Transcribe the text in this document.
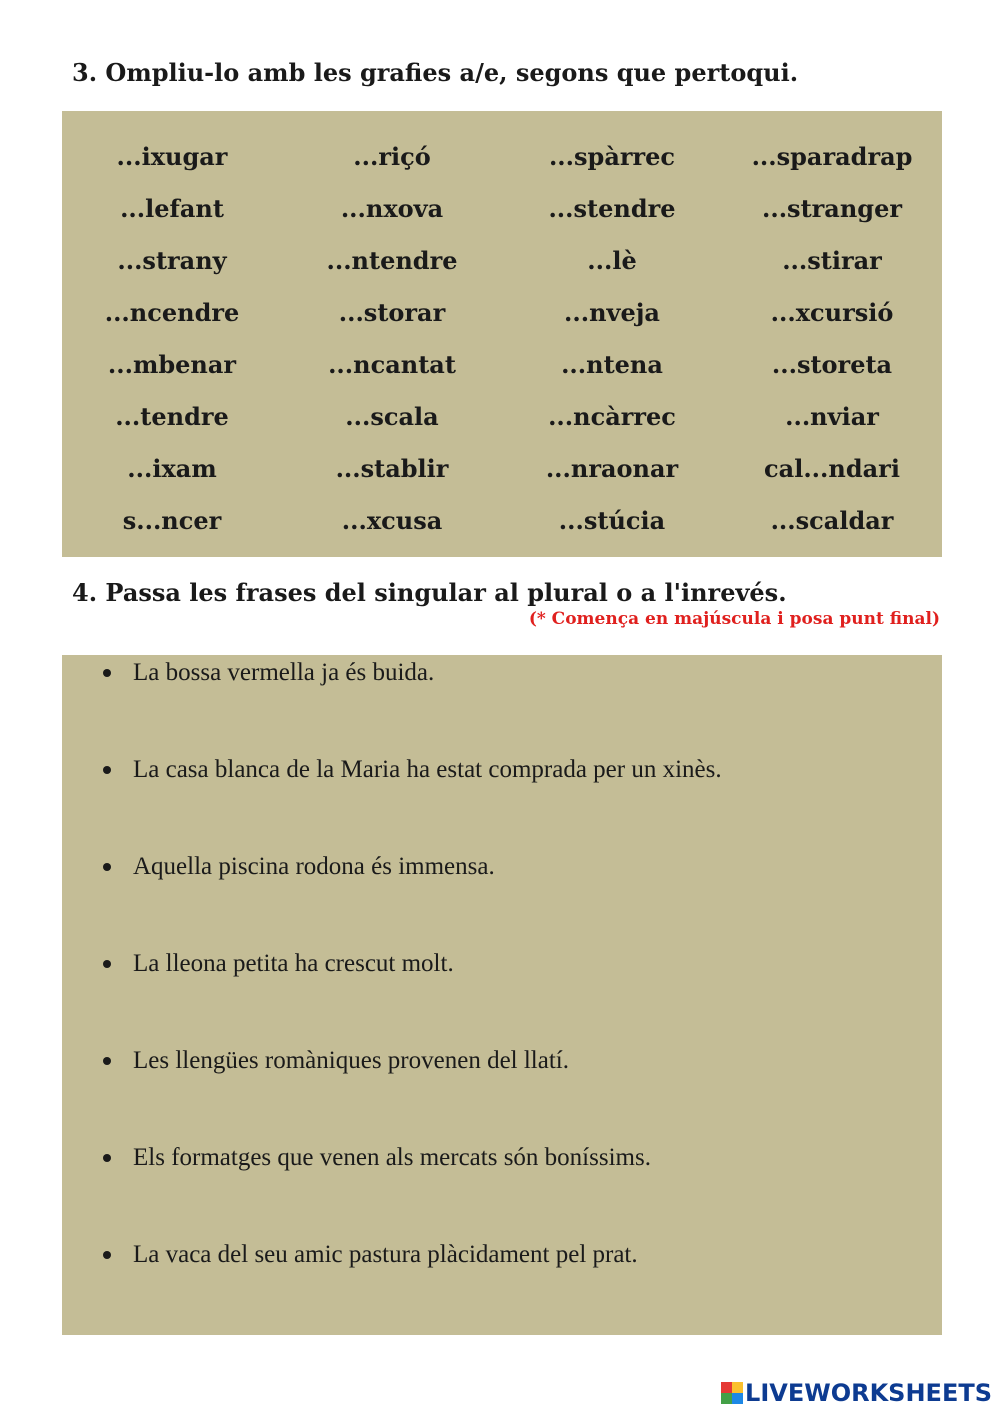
3. Ompliu-lo amb les grafies a/e, segons que pertoqui.
...ixugar	...riçó	...spàrrec	...sparadrap
...lefant	...nxova	...stendre	...stranger
...strany	...ntendre	...lè	...stirar
...ncendre	...storar	...nveja	...xcursió
...mbenar	...ncantat	...ntena	...storeta
...tendre	...scala	...ncàrrec	...nviar
...ixam	...stablir	...nraonar	cal...ndari
s...ncer	...xcusa	...stúcia	...scaldar
4. Passa les frases del singular al plural o a l'inrevés.
(* Comença en majúscula i posa punt final)
La bossa vermella ja és buida.
La casa blanca de la Maria ha estat comprada per un xinès.
Aquella piscina rodona és immensa.
La lleona petita ha crescut molt.
Les llengües romàniques provenen del llatí.
Els formatges que venen als mercats són boníssims.
La vaca del seu amic pastura plàcidament pel prat.
LIVEWORKSHEETS
